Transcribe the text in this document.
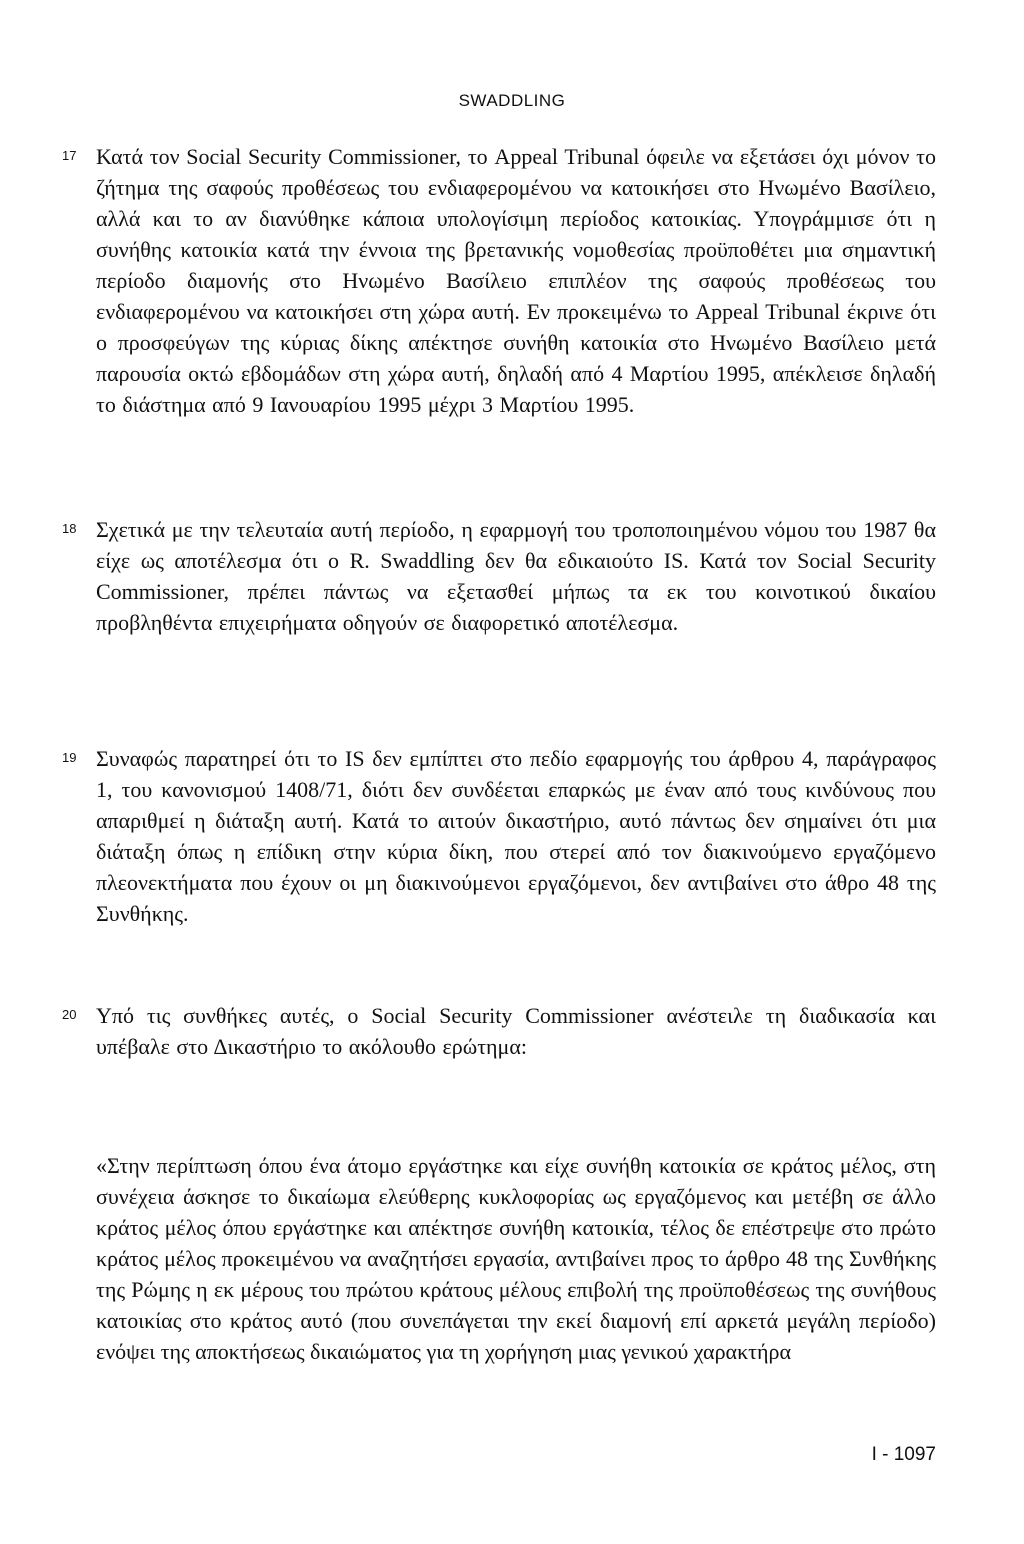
SWADDLING
17 Κατά τον Social Security Commissioner, το Appeal Tribunal όφειλε να εξετάσει όχι μόνον το ζήτημα της σαφούς προθέσεως του ενδιαφερομένου να κατοικήσει στο Ηνωμένο Βασίλειο, αλλά και το αν διανύθηκε κάποια υπολογίσιμη περίοδος κατοικίας. Υπογράμμισε ότι η συνήθης κατοικία κατά την έννοια της βρετανικής νομοθεσίας προϋποθέτει μια σημαντική περίοδο διαμονής στο Ηνωμένο Βασίλειο επιπλέον της σαφούς προθέσεως του ενδιαφερομένου να κατοικήσει στη χώρα αυτή. Εν προκειμένω το Appeal Tribunal έκρινε ότι ο προσφεύγων της κύριας δίκης απέκτησε συνήθη κατοικία στο Ηνωμένο Βασίλειο μετά παρουσία οκτώ εβδομάδων στη χώρα αυτή, δηλαδή από 4 Μαρτίου 1995, απέκλεισε δηλαδή το διάστημα από 9 Ιανουαρίου 1995 μέχρι 3 Μαρτίου 1995.
18 Σχετικά με την τελευταία αυτή περίοδο, η εφαρμογή του τροποποιημένου νόμου του 1987 θα είχε ως αποτέλεσμα ότι ο R. Swaddling δεν θα εδικαιούτο IS. Κατά τον Social Security Commissioner, πρέπει πάντως να εξετασθεί μήπως τα εκ του κοινοτικού δικαίου προβληθέντα επιχειρήματα οδηγούν σε διαφορετικό αποτέλεσμα.
19 Συναφώς παρατηρεί ότι το IS δεν εμπίπτει στο πεδίο εφαρμογής του άρθρου 4, παράγραφος 1, του κανονισμού 1408/71, διότι δεν συνδέεται επαρκώς με έναν από τους κινδύνους που απαριθμεί η διάταξη αυτή. Κατά το αιτούν δικαστήριο, αυτό πάντως δεν σημαίνει ότι μια διάταξη όπως η επίδικη στην κύρια δίκη, που στερεί από τον διακινούμενο εργαζόμενο πλεονεκτήματα που έχουν οι μη διακινούμενοι εργαζόμενοι, δεν αντιβαίνει στο άθρο 48 της Συνθήκης.
20 Υπό τις συνθήκες αυτές, ο Social Security Commissioner ανέστειλε τη διαδικασία και υπέβαλε στο Δικαστήριο το ακόλουθο ερώτημα:
«Στην περίπτωση όπου ένα άτομο εργάστηκε και είχε συνήθη κατοικία σε κράτος μέλος, στη συνέχεια άσκησε το δικαίωμα ελεύθερης κυκλοφορίας ως εργαζόμενος και μετέβη σε άλλο κράτος μέλος όπου εργάστηκε και απέκτησε συνήθη κατοικία, τέλος δε επέστρεψε στο πρώτο κράτος μέλος προκειμένου να αναζητήσει εργασία, αντιβαίνει προς το άρθρο 48 της Συνθήκης της Ρώμης η εκ μέρους του πρώτου κράτους μέλους επιβολή της προϋποθέσεως της συνήθους κατοικίας στο κράτος αυτό (που συνεπάγεται την εκεί διαμονή επί αρκετά μεγάλη περίοδο) ενόψει της αποκτήσεως δικαιώματος για τη χορήγηση μιας γενικού χαρακτήρα
I - 1097
